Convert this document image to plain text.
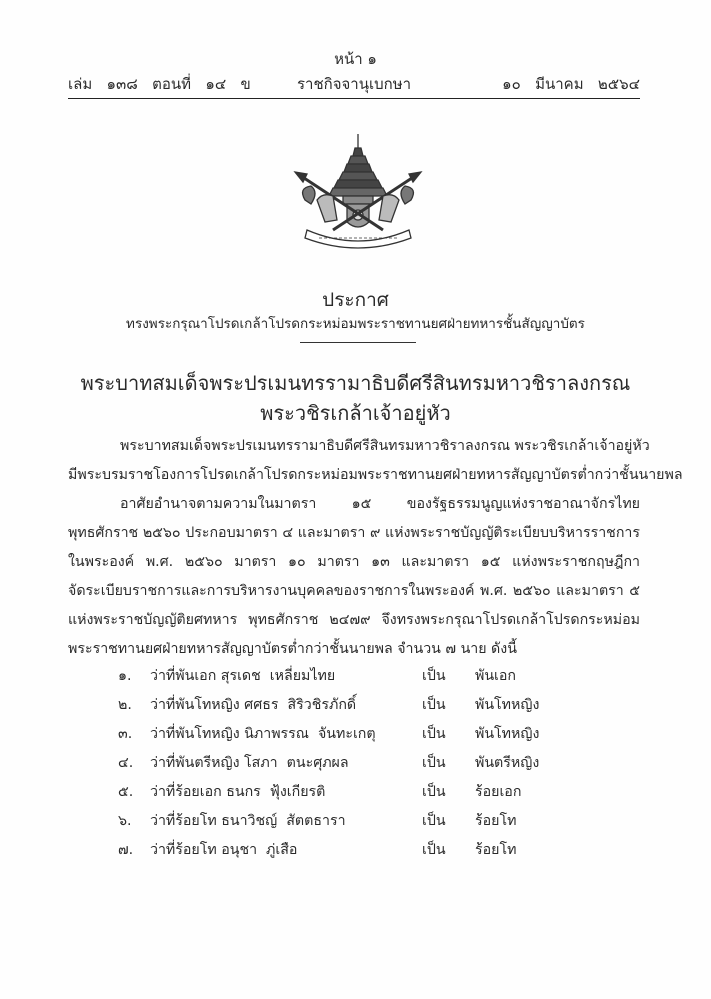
หน้า ๑
เล่ม   ๑๓๘   ตอนที่   ๑๔   ข	ราชกิจจานุเบกษา	๑๐   มีนาคม   ๒๕๖๔
ประกาศ
ทรงพระกรุณาโปรดเกล้าโปรดกระหม่อมพระราชทานยศฝ่ายทหารชั้นสัญญาบัตร
พระบาทสมเด็จพระปรเมนทรรามาธิบดีศรีสินทรมหาวชิราลงกรณ
พระวชิรเกล้าเจ้าอยู่หัว
พระบาทสมเด็จพระปรเมนทรรามาธิบดีศรีสินทรมหาวชิราลงกรณ พระวชิรเกล้าเจ้าอยู่หัว
มีพระบรมราชโองการโปรดเกล้าโปรดกระหม่อมพระราชทานยศฝ่ายทหารสัญญาบัตรต่ำกว่าชั้นนายพล
อาศัยอำนาจตามความในมาตรา ๑๕ ของรัฐธรรมนูญแห่งราชอาณาจักรไทย
พุทธศักราช ๒๕๖๐ ประกอบมาตรา ๔ และมาตรา ๙ แห่งพระราชบัญญัติระเบียบบริหารราชการ
ในพระองค์ พ.ศ. ๒๕๖๐ มาตรา ๑๐ มาตรา ๑๓ และมาตรา ๑๕ แห่งพระราชกฤษฎีกา
จัดระเบียบราชการและการบริหารงานบุคคลของราชการในพระองค์ พ.ศ. ๒๕๖๐ และมาตรา ๕
แห่งพระราชบัญญัติยศทหาร พุทธศักราช ๒๔๗๙ จึงทรงพระกรุณาโปรดเกล้าโปรดกระหม่อม
พระราชทานยศฝ่ายทหารสัญญาบัตรต่ำกว่าชั้นนายพล จำนวน ๗ นาย ดังนี้
๑. ว่าที่พันเอก สุรเดช  เหลี่ยมไทย	เป็น พันเอก
๒. ว่าที่พันโทหญิง ศศธร  สิริวชิรภักดิ์	เป็น พันโทหญิง
๓. ว่าที่พันโทหญิง นิภาพรรณ  จันทะเกตุ	เป็น พันโทหญิง
๔. ว่าที่พันตรีหญิง โสภา  ตนะศุภผล	เป็น พันตรีหญิง
๕. ว่าที่ร้อยเอก ธนกร  ฟุ้งเกียรติ	เป็น ร้อยเอก
๖. ว่าที่ร้อยโท ธนาวิชญ์  สัตตธารา	เป็น ร้อยโท
๗. ว่าที่ร้อยโท อนุชา  ภู่เสือ	เป็น ร้อยโท
